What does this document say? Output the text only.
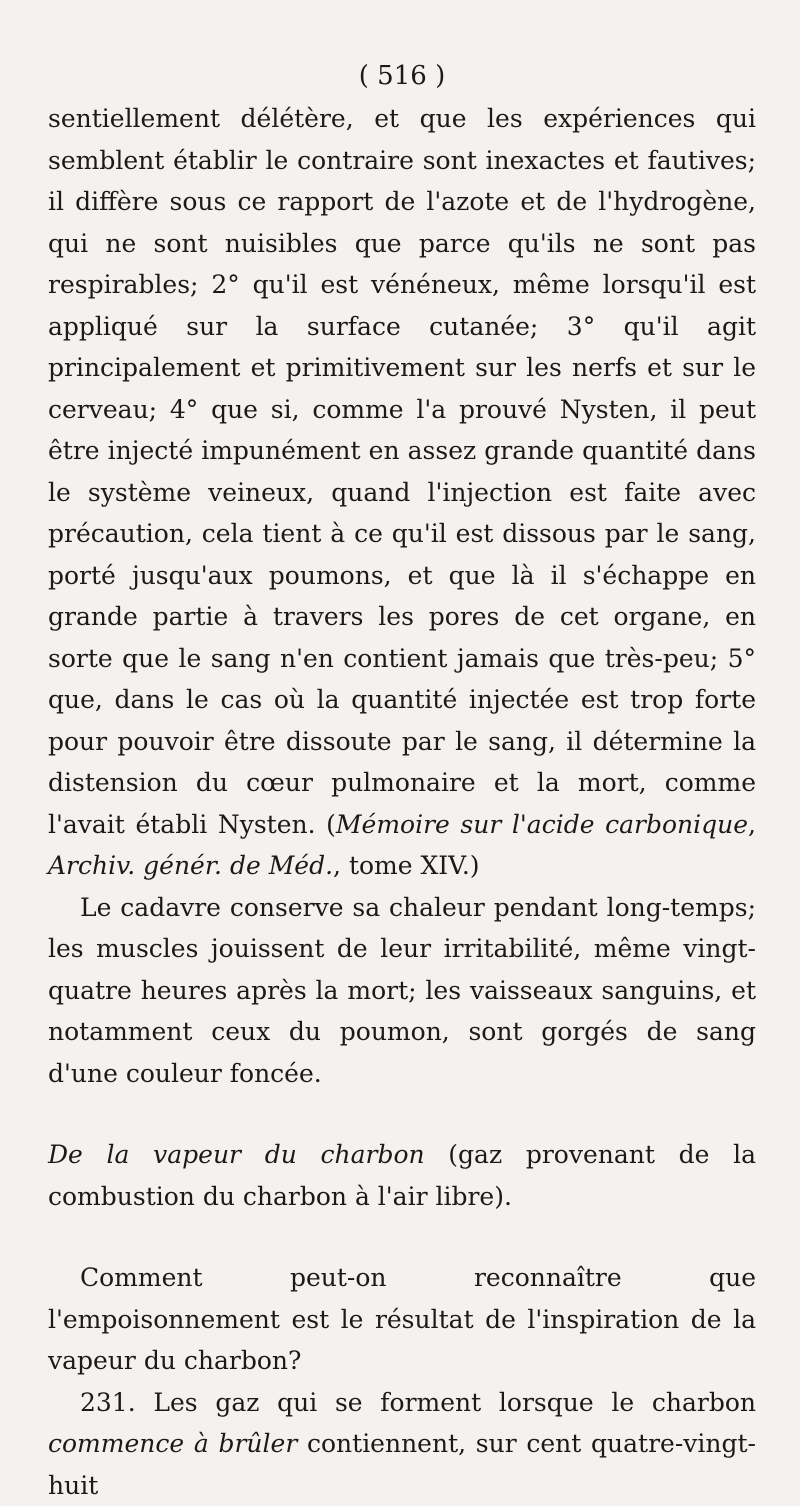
( 516 )

sentiellement délétère, et que les expériences qui semblent établir le contraire sont inexactes et fautives; il diffère sous ce rapport de l'azote et de l'hydrogène, qui ne sont nuisibles que parce qu'ils ne sont pas respirables; 2° qu'il est vénéneux, même lorsqu'il est appliqué sur la surface cutanée; 3° qu'il agit principalement et primitivement sur les nerfs et sur le cerveau; 4° que si, comme l'a prouvé Nysten, il peut être injecté impunément en assez grande quantité dans le système veineux, quand l'injection est faite avec précaution, cela tient à ce qu'il est dissous par le sang, porté jusqu'aux poumons, et que là il s'échappe en grande partie à travers les pores de cet organe, en sorte que le sang n'en contient jamais que très-peu; 5° que, dans le cas où la quantité injectée est trop forte pour pouvoir être dissoute par le sang, il détermine la distension du cœur pulmonaire et la mort, comme l'avait établi Nysten. (Mémoire sur l'acide carbonique, Archiv. génér. de Méd., tome XIV.)

Le cadavre conserve sa chaleur pendant long-temps; les muscles jouissent de leur irritabilité, même vingt-quatre heures après la mort; les vaisseaux sanguins, et notamment ceux du poumon, sont gorgés de sang d'une couleur foncée.

De la vapeur du charbon (gaz provenant de la combustion du charbon à l'air libre).

Comment peut-on reconnaître que l'empoisonnement est le résultat de l'inspiration de la vapeur du charbon?

231. Les gaz qui se forment lorsque le charbon commence à brûler contiennent, sur cent quatre-vingt-huit
